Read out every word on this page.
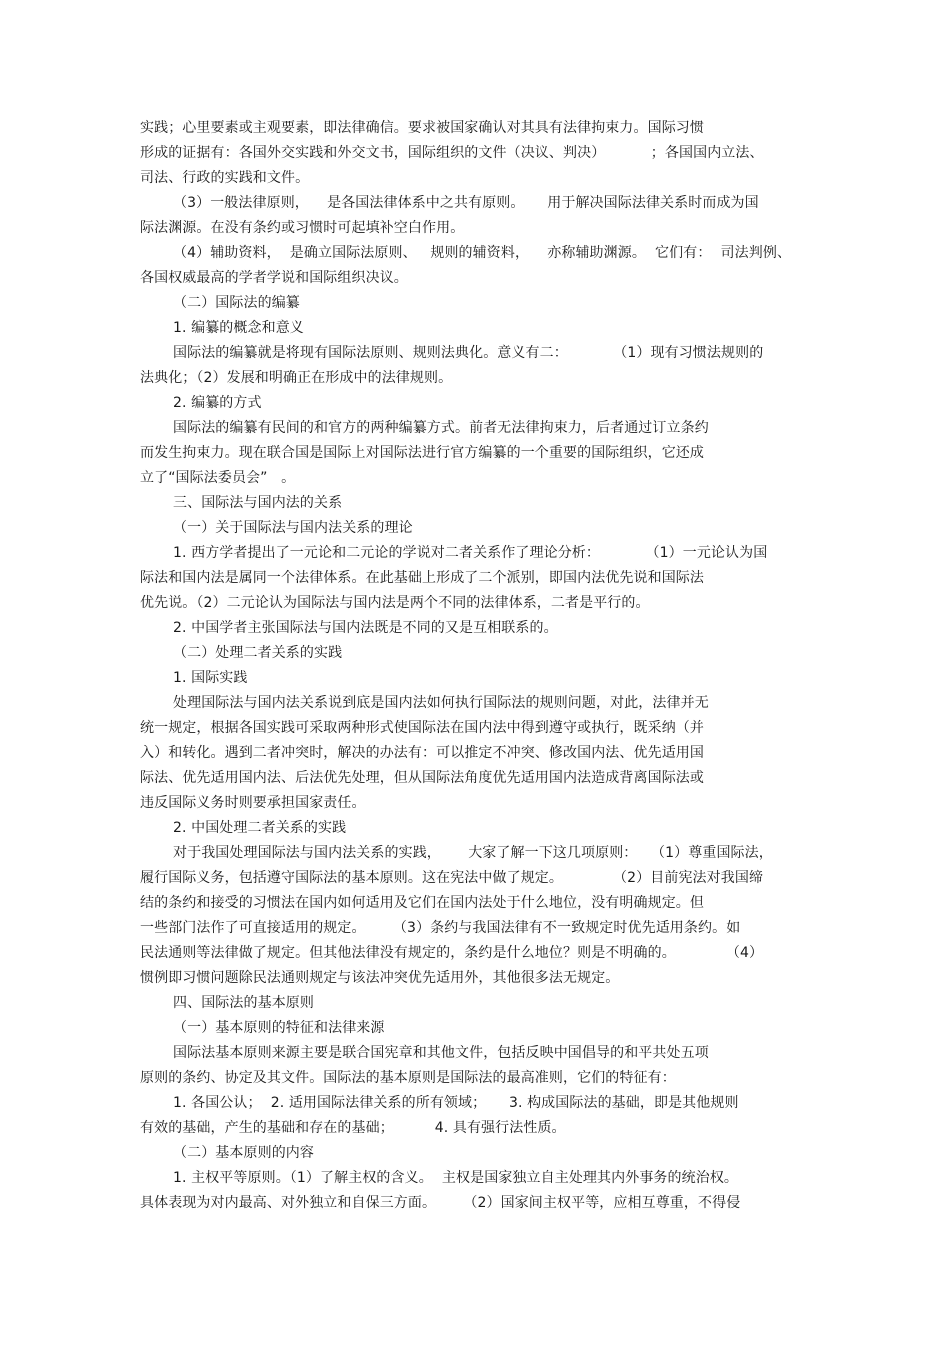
实践；心里要素或主观要素，即法律确信。要求被国家确认对其具有法律拘束力。国际习惯
形成的证据有：各国外交实践和外交文书，国际组织的文件（决议、判决）          ；各国国内立法、
司法、行政的实践和文件。
（3）一般法律原则，    是各国法律体系中之共有原则。     用于解决国际法律关系时而成为国
际法渊源。在没有条约或习惯时可起填补空白作用。
（4）辅助资料，  是确立国际法原则、   规则的辅资料，    亦称辅助渊源。  它们有：  司法判例、
各国权威最高的学者学说和国际组织决议。
（二）国际法的编纂
1. 编纂的概念和意义
国际法的编纂就是将现有国际法原则、规则法典化。意义有二：          （1）现有习惯法规则的
法典化；（2）发展和明确正在形成中的法律规则。
2. 编纂的方式
国际法的编纂有民间的和官方的两种编纂方式。前者无法律拘束力，后者通过订立条约
而发生拘束力。现在联合国是国际上对国际法进行官方编纂的一个重要的国际组织，它还成
立了“国际法委员会”   。
三、国际法与国内法的关系
（一）关于国际法与国内法关系的理论
1. 西方学者提出了一元论和二元论的学说对二者关系作了理论分析：          （1）一元论认为国
际法和国内法是属同一个法律体系。在此基础上形成了二个派别，即国内法优先说和国际法
优先说。（2）二元论认为国际法与国内法是两个不同的法律体系，二者是平行的。
2. 中国学者主张国际法与国内法既是不同的又是互相联系的。
（二）处理二者关系的实践
1. 国际实践
处理国际法与国内法关系说到底是国内法如何执行国际法的规则问题，对此，法律并无
统一规定，根据各国实践可采取两种形式使国际法在国内法中得到遵守或执行，既采纳（并
入）和转化。遇到二者冲突时，解决的办法有：可以推定不冲突、修改国内法、优先适用国
际法、优先适用国内法、后法优先处理，但从国际法角度优先适用国内法造成背离国际法或
违反国际义务时则要承担国家责任。
2. 中国处理二者关系的实践
对于我国处理国际法与国内法关系的实践，      大家了解一下这几项原则：   （1）尊重国际法，
履行国际义务，包括遵守国际法的基本原则。这在宪法中做了规定。           （2）目前宪法对我国缔
结的条约和接受的习惯法在国内如何适用及它们在国内法处于什么地位，没有明确规定。但
一些部门法作了可直接适用的规定。      （3）条约与我国法律有不一致规定时优先适用条约。如
民法通则等法律做了规定。但其他法律没有规定的，条约是什么地位？则是不明确的。           （4）
惯例即习惯问题除民法通则规定与该法冲突优先适用外，其他很多法无规定。
四、国际法的基本原则
（一）基本原则的特征和法律来源
国际法基本原则来源主要是联合国宪章和其他文件，包括反映中国倡导的和平共处五项
原则的条约、协定及其文件。国际法的基本原则是国际法的最高准则，它们的特征有：
1. 各国公认；  2. 适用国际法律关系的所有领域；     3. 构成国际法的基础，即是其他规则
有效的基础，产生的基础和存在的基础；         4. 具有强行法性质。
（二）基本原则的内容
1. 主权平等原则。（1）了解主权的含义。  主权是国家独立自主处理其内外事务的统治权。
具体表现为对内最高、对外独立和自保三方面。      （2）国家间主权平等，应相互尊重，不得侵
